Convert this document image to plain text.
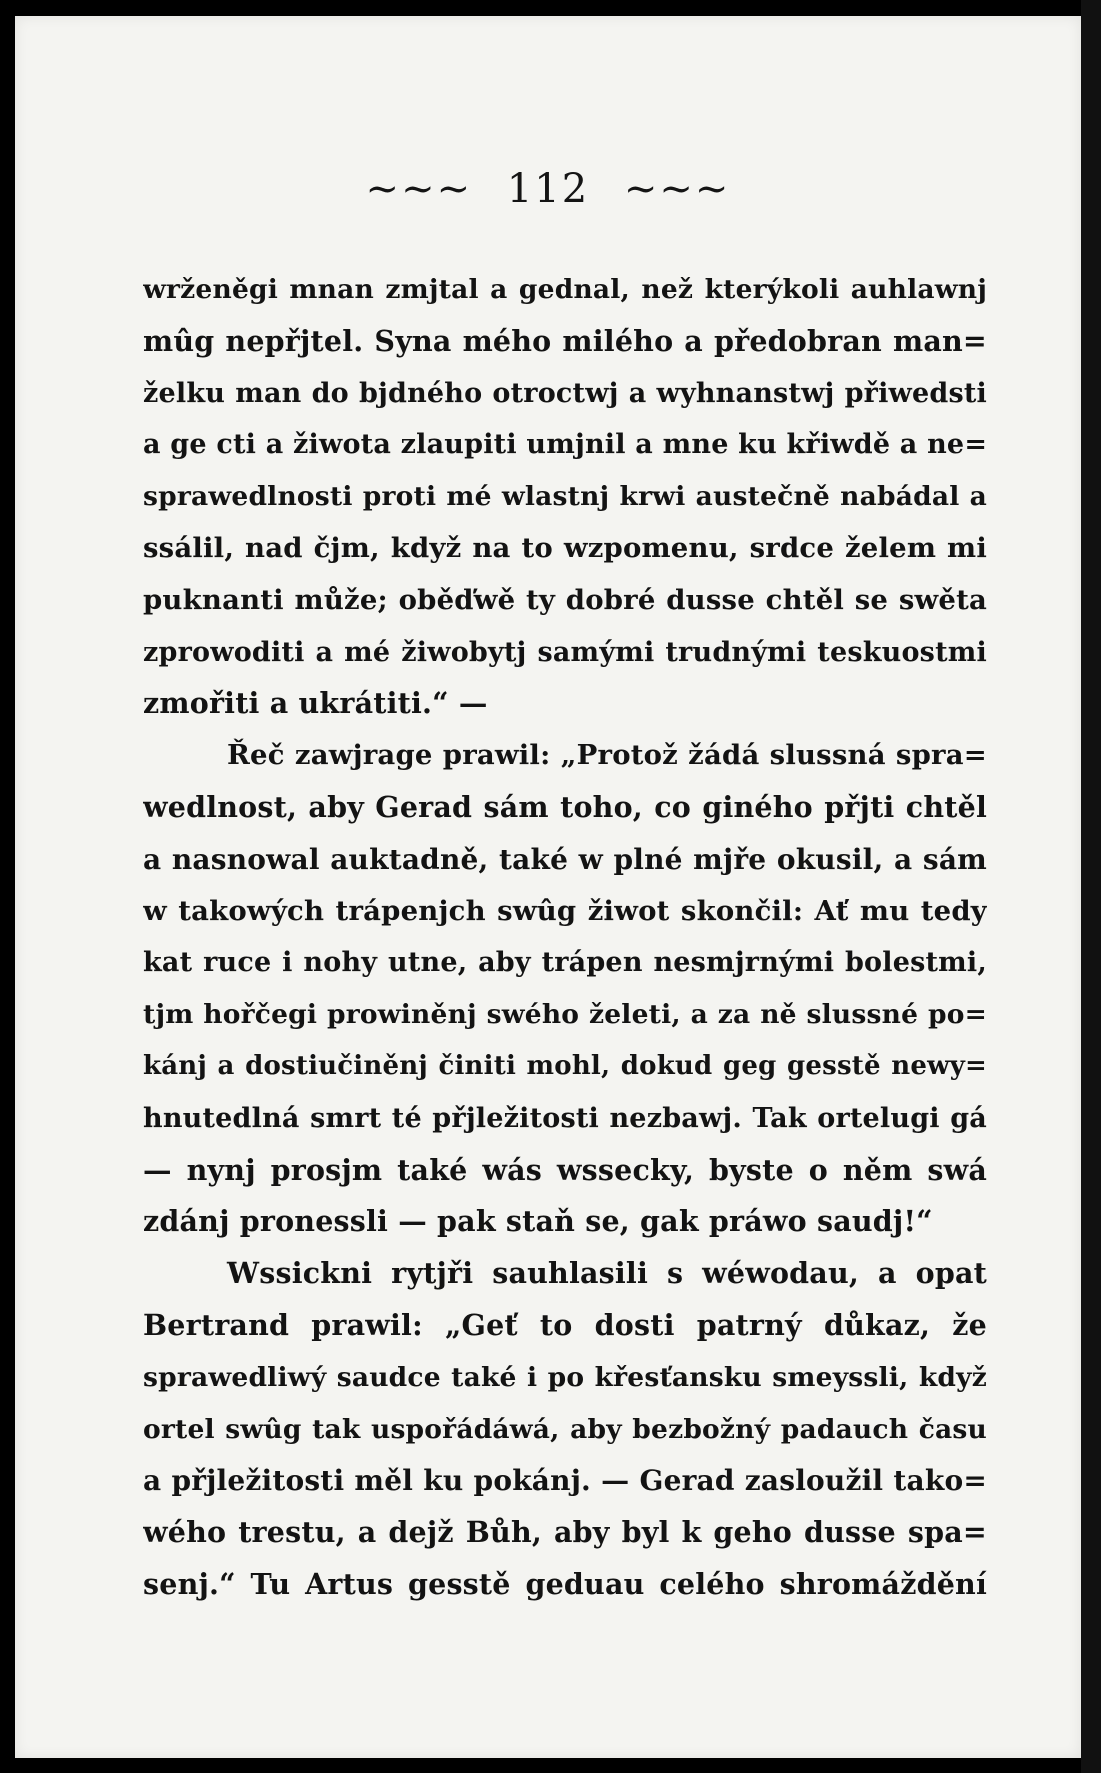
~~~ 112 ~~~
wrženěgi mnan zmjtal a gednal, než kterýkoli auhlawnj
mûg nepřjtel. Syna mého milého a předobran man=
želku man do bjdného otroctwj a wyhnanstwj přiwedsti
a ge cti a žiwota zlaupiti umjnil a mne ku křiwdě a ne=
sprawedlnosti proti mé wlastnj krwi austečně nabádal a
ssálil, nad čjm, když na to wzpomenu, srdce želem mi
puknanti může; oběďwě ty dobré dusse chtěl se swěta
zprowoditi a mé žiwobytj samými trudnými teskuostmi
zmořiti a ukrátiti.“ —
Řeč zawjrage prawil: „Protož žádá slussná spra=
wedlnost, aby Gerad sám toho, co giného přjti chtěl
a nasnowal auktadně, také w plné mjře okusil, a sám
w takowých trápenjch swûg žiwot skončil: Ať mu tedy
kat ruce i nohy utne, aby trápen nesmjrnými bolestmi,
tjm hořčegi prowiněnj swého želeti, a za ně slussné po=
kánj a dostiučiněnj činiti mohl, dokud geg gesstě newy=
hnutedlná smrt té přjležitosti nezbawj. Tak ortelugi gá
— nynj prosjm také wás wssecky, byste o něm swá
zdánj pronessli — pak staň se, gak práwo saudj!“
Wssickni rytjři sauhlasili s wéwodau, a opat
Bertrand prawil: „Geť to dosti patrný důkaz, že
sprawedliwý saudce také i po křesťansku smeyssli, když
ortel swûg tak uspořádáwá, aby bezbožný padauch času
a přjležitosti měl ku pokánj. — Gerad zasloužil tako=
wého trestu, a dejž Bůh, aby byl k geho dusse spa=
senj.“ Tu Artus gesstě geduau celého shromáždění
